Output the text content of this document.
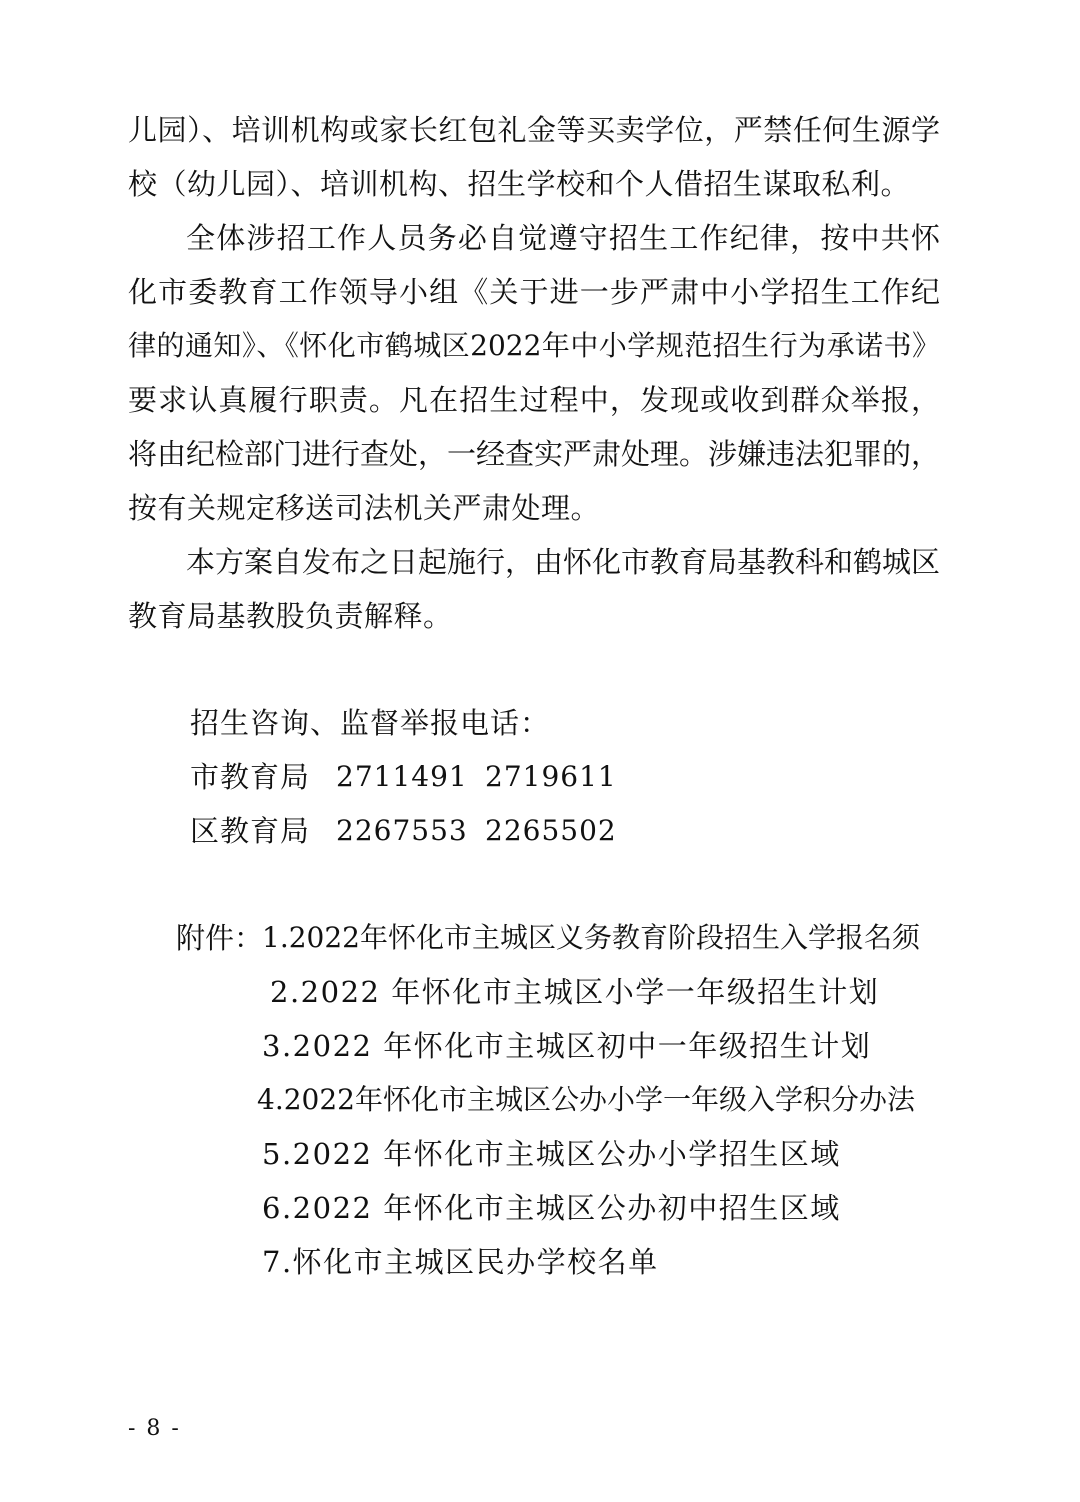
儿园）、培训机构或家长红包礼金等买卖学位，严禁任何生源学
校（幼儿园）、培训机构、招生学校和个人借招生谋取私利。
全体涉招工作人员务必自觉遵守招生工作纪律，按中共怀
化市委教育工作领导小组《关于进一步严肃中小学招生工作纪
律的通知》、《怀化市鹤城区2022年中小学规范招生行为承诺书》
要求认真履行职责。凡在招生过程中，发现或收到群众举报，
将由纪检部门进行查处，一经查实严肃处理。涉嫌违法犯罪的，
按有关规定移送司法机关严肃处理。
本方案自发布之日起施行，由怀化市教育局基教科和鹤城区
教育局基教股负责解释。
招生咨询、监督举报电话：
市教育局 2711491 2719611
区教育局 2267553 2265502
附件：
1.2022年怀化市主城区义务教育阶段招生入学报名须
2.2022 年怀化市主城区小学一年级招生计划
3.2022 年怀化市主城区初中一年级招生计划
4.2022年怀化市主城区公办小学一年级入学积分办法
5.2022 年怀化市主城区公办小学招生区域
6.2022 年怀化市主城区公办初中招生区域
7.怀化市主城区民办学校名单
- 8 -
